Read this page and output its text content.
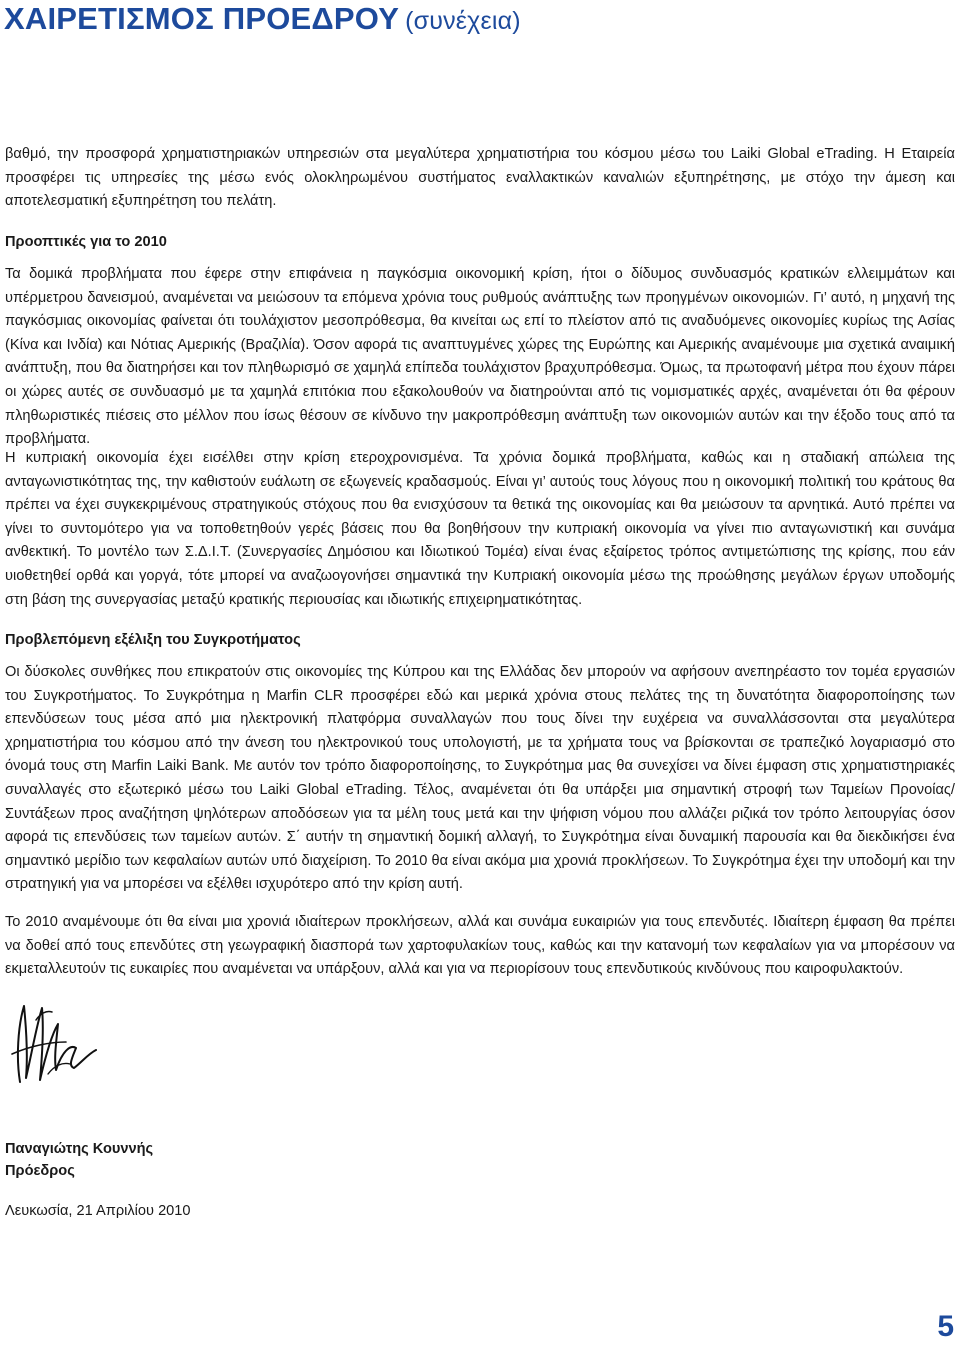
ΧΑΙΡΕΤΙΣΜΟΣ ΠΡΟΕΔΡΟΥ (συνέχεια)

βαθμό, την προσφορά χρηματιστηριακών υπηρεσιών στα μεγαλύτερα χρηματιστήρια του κόσμου μέσω του Laiki Global eTrading. Η Εταιρεία προσφέρει τις υπηρεσίες της μέσω ενός ολοκληρωμένου συστήματος εναλλακτικών καναλιών εξυπηρέτησης, με στόχο την άμεση και αποτελεσματική εξυπηρέτηση του πελάτη.

Προοπτικές για το 2010

Τα δομικά προβλήματα που έφερε στην επιφάνεια η παγκόσμια οικονομική κρίση, ήτοι ο δίδυμος συνδυασμός κρατικών ελλειμμάτων και υπέρμετρου δανεισμού, αναμένεται να μειώσουν τα επόμενα χρόνια τους ρυθμούς ανάπτυξης των προηγμένων οικονομιών. Γι’ αυτό, η μηχανή της παγκόσμιας οικονομίας φαίνεται ότι τουλάχιστον μεσοπρόθεσμα, θα κινείται ως επί το πλείστον από τις αναδυόμενες οικονομίες κυρίως της Ασίας (Κίνα και Ινδία) και Νότιας Αμερικής (Βραζιλία). Όσον αφορά τις αναπτυγμένες χώρες της Ευρώπης και Αμερικής αναμένουμε μια σχετικά αναιμική ανάπτυξη, που θα διατηρήσει και τον πληθωρισμό σε χαμηλά επίπεδα τουλάχιστον βραχυπρόθεσμα. Όμως, τα πρωτοφανή μέτρα που έχουν πάρει οι χώρες αυτές σε συνδυασμό με τα χαμηλά επιτόκια που εξακολουθούν να διατηρούνται από τις νομισματικές αρχές, αναμένεται ότι θα φέρουν πληθωριστικές πιέσεις στο μέλλον που ίσως θέσουν σε κίνδυνο την μακροπρόθεσμη ανάπτυξη των οικονομιών αυτών και την έξοδο τους από τα προβλήματα.

Η κυπριακή οικονομία έχει εισέλθει στην κρίση ετεροχρονισμένα. Τα χρόνια δομικά προβλήματα, καθώς και η σταδιακή απώλεια της ανταγωνιστικότητας της, την καθιστούν ευάλωτη σε εξωγενείς κραδασμούς. Είναι γι’ αυτούς τους λόγους που η οικονομική πολιτική του κράτους θα πρέπει να έχει συγκεκριμένους στρατηγικούς στόχους που θα ενισχύσουν τα θετικά της οικονομίας και θα μειώσουν τα αρνητικά. Αυτό πρέπει να γίνει το συντομότερο για να τοποθετηθούν γερές βάσεις που θα βοηθήσουν την κυπριακή οικονομία να γίνει πιο ανταγωνιστική και συνάμα ανθεκτική. Το μοντέλο των Σ.Δ.Ι.Τ. (Συνεργασίες Δημόσιου και Ιδιωτικού Τομέα) είναι ένας εξαίρετος τρόπος αντιμετώπισης της κρίσης, που εάν υιοθετηθεί ορθά και γοργά, τότε μπορεί να αναζωογονήσει σημαντικά την Κυπριακή οικονομία μέσω της προώθησης μεγάλων έργων υποδομής στη βάση της συνεργασίας μεταξύ κρατικής περιουσίας και ιδιωτικής επιχειρηματικότητας.

Προβλεπόμενη εξέλιξη του Συγκροτήματος

Οι δύσκολες συνθήκες που επικρατούν στις οικονομίες της Κύπρου και της Ελλάδας δεν μπορούν να αφήσουν ανεπηρέαστο τον τομέα εργασιών του Συγκροτήματος. Το Συγκρότημα η Marfin CLR προσφέρει εδώ και μερικά χρόνια στους πελάτες της τη δυνατότητα διαφοροποίησης των επενδύσεων τους μέσα από μια ηλεκτρονική πλατφόρμα συναλλαγών που τους δίνει την ευχέρεια να συναλλάσσονται στα μεγαλύτερα χρηματιστήρια του κόσμου από την άνεση του ηλεκτρονικού τους υπολογιστή, με τα χρήματα τους να βρίσκονται σε τραπεζικό λογαριασμό στο όνομά τους στη Marfin Laiki Bank. Με αυτόν τον τρόπο διαφοροποίησης, το Συγκρότημα μας θα συνεχίσει να δίνει έμφαση στις χρηματιστηριακές συναλλαγές στο εξωτερικό μέσω του Laiki Global eTrading. Τέλος, αναμένεται ότι θα υπάρξει μια σημαντική στροφή των Ταμείων Προνοίας/Συντάξεων προς αναζήτηση ψηλότερων αποδόσεων για τα μέλη τους μετά και την ψήφιση νόμου που αλλάζει ριζικά τον τρόπο λειτουργίας όσον αφορά τις επενδύσεις των ταμείων αυτών. Σ΄ αυτήν τη σημαντική δομική αλλαγή, το Συγκρότημα είναι δυναμική παρουσία και θα διεκδικήσει ένα σημαντικό μερίδιο των κεφαλαίων αυτών υπό διαχείριση. Το 2010 θα είναι ακόμα μια χρονιά προκλήσεων. Το Συγκρότημα έχει την υποδομή και την στρατηγική για να μπορέσει να εξέλθει ισχυρότερο από την κρίση αυτή.

Το 2010 αναμένουμε ότι θα είναι μια χρονιά ιδιαίτερων προκλήσεων, αλλά και συνάμα ευκαιριών για τους επενδυτές. Ιδιαίτερη έμφαση θα πρέπει να δοθεί από τους επενδύτες στη γεωγραφική διασπορά των χαρτοφυλακίων τους, καθώς και την κατανομή των κεφαλαίων για να μπορέσουν να εκμεταλλευτούν τις ευκαιρίες που αναμένεται να υπάρξουν, αλλά και για να περιορίσουν τους επενδυτικούς κινδύνους που καιροφυλακτούν.

Παναγιώτης Κουννής

Πρόεδρος

Λευκωσία, 21 Απριλίου 2010

5
